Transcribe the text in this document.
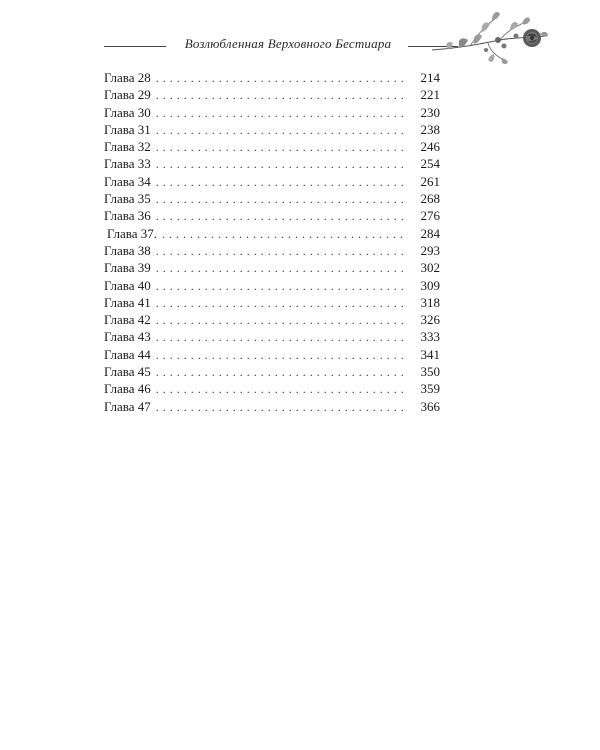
Возлюбленная Верховного Бестиара
Глава 28 . . .	214
Глава 29 . . .	221
Глава 30 . . .	230
Глава 31 . . .	238
Глава 32 . . .	246
Глава 33 . . .	254
Глава 34 . . .	261
Глава 35 . . .	268
Глава 36 . . .	276
Глава 37. . . .	284
Глава 38 . . .	293
Глава 39 . . .	302
Глава 40 . . .	309
Глава 41 . . .	318
Глава 42 . . .	326
Глава 43 . . .	333
Глава 44 . . .	341
Глава 45 . . .	350
Глава 46 . . .	359
Глава 47 . . .	366
